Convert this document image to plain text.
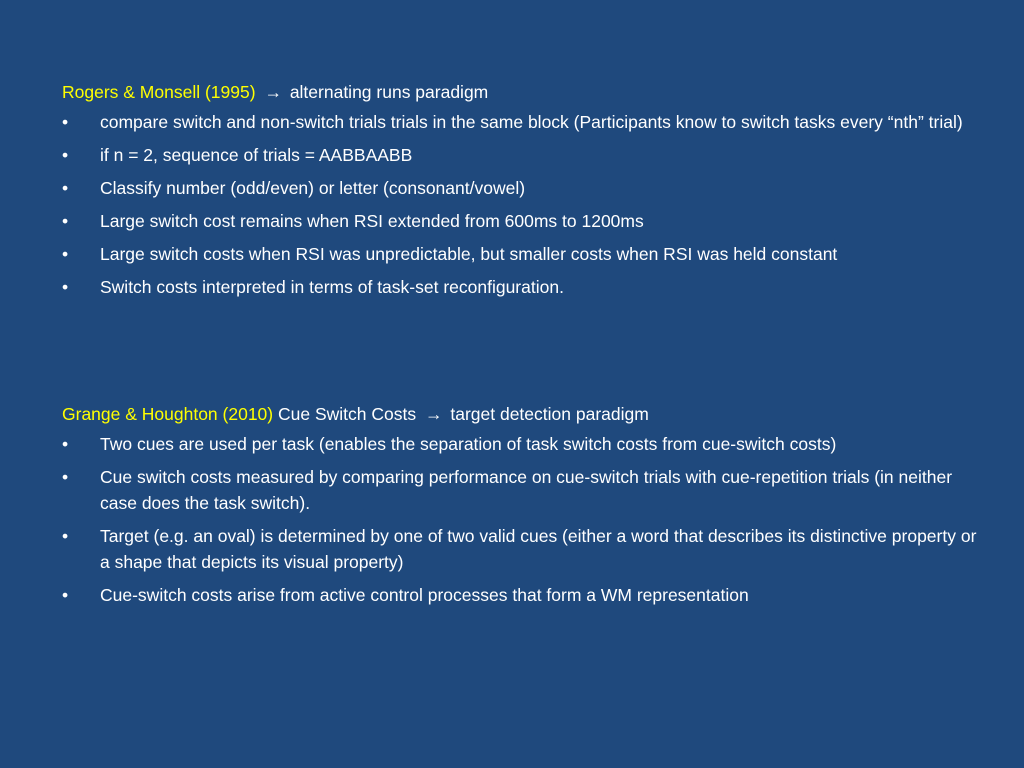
Rogers & Monsell (1995) → alternating runs paradigm
•	compare switch and non-switch trials trials in the same block (Participants know to switch tasks every “nth” trial)
•	if n = 2, sequence of trials = AABBAABB
•	Classify number (odd/even) or letter (consonant/vowel)
•	Large switch cost remains when RSI extended from 600ms to 1200ms
•	Large switch costs when RSI was unpredictable, but smaller costs when RSI was held constant
•	Switch costs interpreted in terms of task-set reconfiguration.
Grange & Houghton (2010) Cue Switch Costs → target detection paradigm
•	Two cues are used per task (enables the separation of task switch costs from cue-switch costs)
•	Cue switch costs measured by comparing performance on cue-switch trials with cue-repetition trials (in neither case does the task switch).
•	Target (e.g. an oval) is determined by one of two valid cues (either a word that describes its distinctive property or a shape that depicts its visual property)
•	Cue-switch costs arise from active control processes that form a WM representation
